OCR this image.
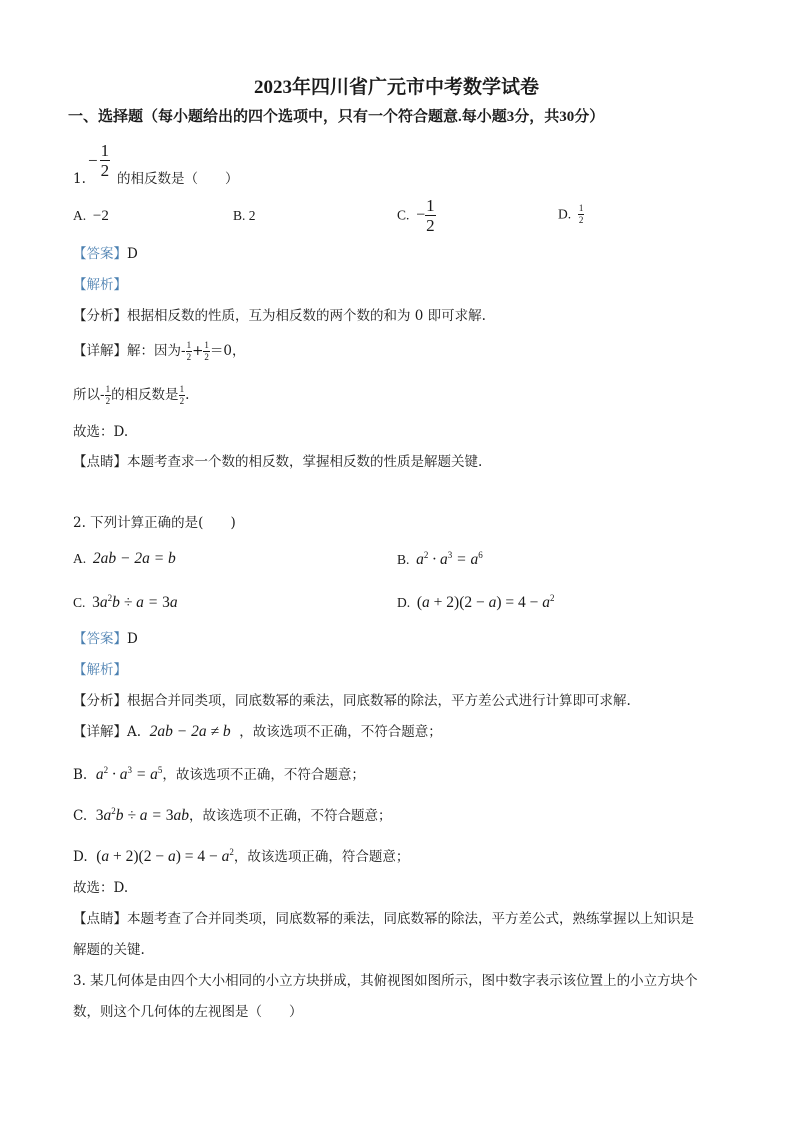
2023年四川省广元市中考数学试卷
一、选择题（每小题给出的四个选项中，只有一个符合题意.每小题3分，共30分）
− $\frac{1}{2}$
1. 的相反数是（　　）
A. −2	B. 2	C. − $\frac{1}{2}$	D. $\frac{1}{2}$
【答案】D
【解析】
【分析】根据相反数的性质，互为相反数的两个数的和为 0 即可求解.
【详解】解：因为- $\frac{1}{2} + \frac{1}{2} =0$，
所以- $\frac{1}{2}$ 的相反数是 $\frac{1}{2}$ .
故选：D.
【点睛】本题考查求一个数的相反数，掌握相反数的性质是解题关键.
2. 下列计算正确的是(　　)
A. 2ab − 2a = b	B. $a^2 \cdot a^3 = a^6$
C. $3a^2b \div a = 3a$	D. $(a + 2)(2 - a) = 4 - a^2$
【答案】D
【解析】
【分析】根据合并同类项，同底数幂的乘法，同底数幂的除法，平方差公式进行计算即可求解.
【详解】A. 2ab − 2a ≠ b ，故该选项不正确，不符合题意；
B. $a^2 \cdot a^3 = a^5$，故该选项不正确，不符合题意；
C. $3a^2b \div a = 3ab$，故该选项不正确，不符合题意；
D. $(a + 2)(2 - a) = 4 - a^2$，故该选项正确，符合题意；
故选：D.
【点睛】本题考查了合并同类项，同底数幂的乘法，同底数幂的除法，平方差公式，熟练掌握以上知识是
解题的关键.
3. 某几何体是由四个大小相同的小立方块拼成，其俯视图如图所示，图中数字表示该位置上的小立方块个
数，则这个几何体的左视图是（　　）
